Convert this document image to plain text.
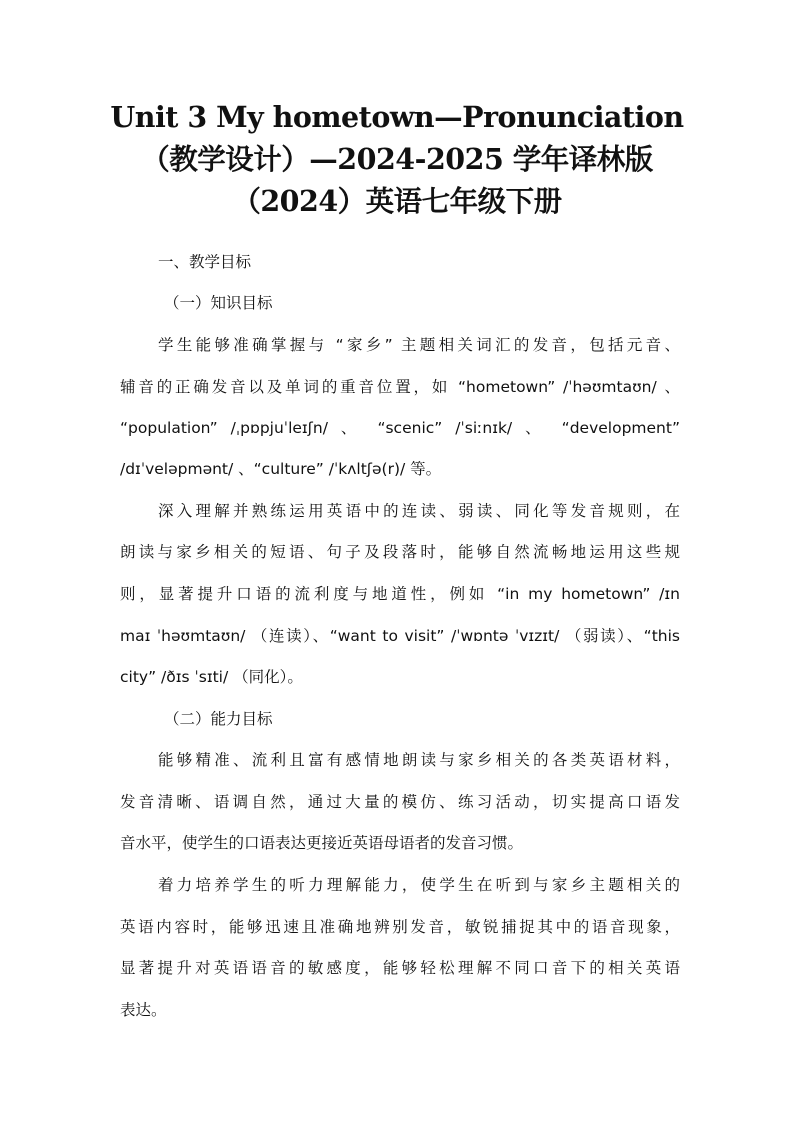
Unit 3 My hometown—Pronunciation
（教学设计）—2024-2025 学年译林版
（2024）英语七年级下册
一、教学目标
（一）知识目标
学生能够准确掌握与 “家乡” 主题相关词汇的发音，包括元音、
辅音的正确发音以及单词的重音位置，如 “hometown” /ˈhəʊmtaʊn/ 、
“population” /ˌpɒpjuˈleɪʃn/ 、 “scenic” /ˈsiːnɪk/ 、 “development”
/dɪˈveləpmənt/ 、“culture” /ˈkʌltʃə(r)/ 等。
深入理解并熟练运用英语中的连读、弱读、同化等发音规则，在
朗读与家乡相关的短语、句子及段落时，能够自然流畅地运用这些规
则，显著提升口语的流利度与地道性，例如 “in my hometown” /ɪn
maɪ ˈhəʊmtaʊn/ （连读）、“want to visit” /ˈwɒntə ˈvɪzɪt/ （弱读）、“this
city” /ðɪs ˈsɪti/ （同化）。
（二）能力目标
能够精准、流利且富有感情地朗读与家乡相关的各类英语材料，
发音清晰、语调自然，通过大量的模仿、练习活动，切实提高口语发
音水平，使学生的口语表达更接近英语母语者的发音习惯。
着力培养学生的听力理解能力，使学生在听到与家乡主题相关的
英语内容时，能够迅速且准确地辨别发音，敏锐捕捉其中的语音现象，
显著提升对英语语音的敏感度，能够轻松理解不同口音下的相关英语
表达。
